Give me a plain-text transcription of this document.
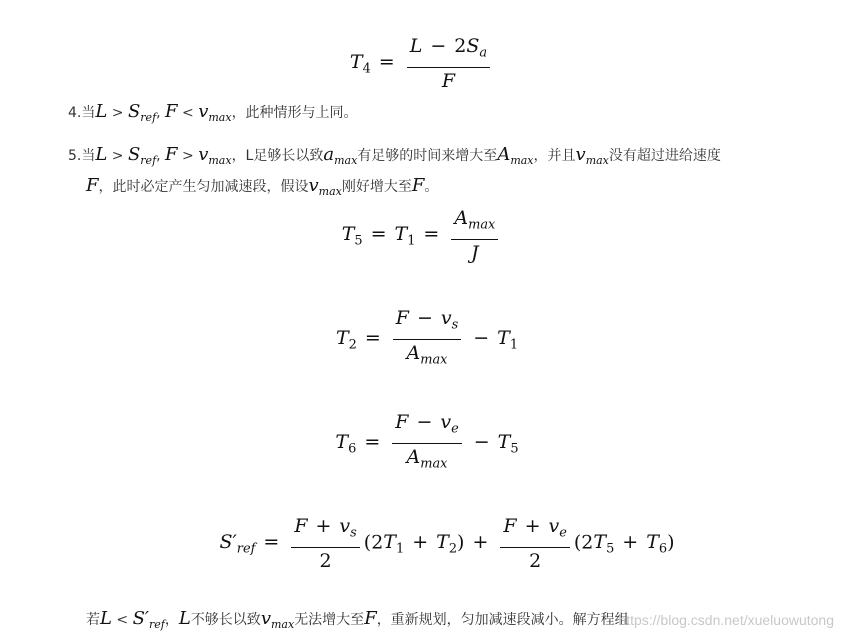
$T_4 = \frac{L - 2S_a}{F}$
4.当$L > S_{ref}$, $F < v_{max}$，此种情形与上同。
5.当$L > S_{ref}$, $F > v_{max}$，L足够长以致$a_{max}$有足够的时间来增大至$A_{max}$，并且$v_{max}$没有超过进给速度
F，此时必定产生匀加减速段，假设$v_{max}$刚好增大至F。
$T_5 = T_1 = \frac{A_{max}}{J}$
$T_2 = \frac{F - v_s}{A_{max}} - T_1$
$T_6 = \frac{F - v_e}{A_{max}} - T_5$
$S'_{ref} = \frac{F + v_s}{2} (2T_1 + T_2) + \frac{F + v_e}{2} (2T_5 + T_6)$
若$L < S'_{ref}$，L不够长以致$v_{max}$无法增大至F，重新规划，匀加减速段减小。解方程组
https://blog.csdn.net/xueluowutong
